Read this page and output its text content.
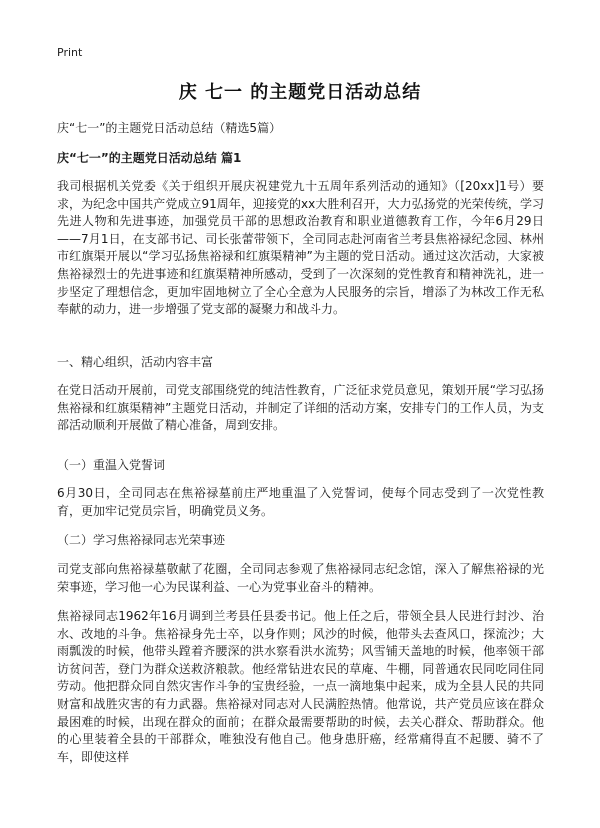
Print
庆 七一 的主题党日活动总结

庆“七一”的主题党日活动总结（精选5篇）

庆“七一”的主题党日活动总结 篇1

我司根据机关党委《关于组织开展庆祝建党九十五周年系列活动的通知》（[20xx]1号）要求，为纪念中国共产党成立91周年，迎接党的xx大胜利召开，大力弘扬党的光荣传统，学习先进人物和先进事迹，加强党员干部的思想政治教育和职业道德教育工作，今年6月29日——7月1日，在支部书记、司长张蕾带领下，全司同志赴河南省兰考县焦裕禄纪念园、林州市红旗渠开展以“学习弘扬焦裕禄和红旗渠精神”为主题的党日活动。通过这次活动，大家被焦裕禄烈士的先进事迹和红旗渠精神所感动，受到了一次深刻的党性教育和精神洗礼，进一步坚定了理想信念，更加牢固地树立了全心全意为人民服务的宗旨，增添了为林改工作无私奉献的动力，进一步增强了党支部的凝聚力和战斗力。

一、精心组织，活动内容丰富

在党日活动开展前，司党支部围绕党的纯洁性教育，广泛征求党员意见，策划开展“学习弘扬焦裕禄和红旗渠精神”主题党日活动，并制定了详细的活动方案，安排专门的工作人员，为支部活动顺利开展做了精心准备，周到安排。

（一）重温入党誓词

6月30日，全司同志在焦裕禄墓前庄严地重温了入党誓词，使每个同志受到了一次党性教育，更加牢记党员宗旨，明确党员义务。

（二）学习焦裕禄同志光荣事迹

司党支部向焦裕禄墓敬献了花圈，全司同志参观了焦裕禄同志纪念馆，深入了解焦裕禄的光荣事迹，学习他一心为民谋利益、一心为党事业奋斗的精神。

焦裕禄同志1962年16月调到兰考县任县委书记。他上任之后，带领全县人民进行封沙、治水、改地的斗争。焦裕禄身先士卒，以身作则；风沙的时候，他带头去查风口，探流沙；大雨瓢泼的时候，他带头蹚着齐腰深的洪水察看洪水流势；风雪铺天盖地的时候，他率领干部访贫问苦，登门为群众送救济粮款。他经常钻进农民的草庵、牛棚，同普通农民同吃同住同劳动。他把群众同自然灾害作斗争的宝贵经验，一点一滴地集中起来，成为全县人民的共同财富和战胜灾害的有力武器。焦裕禄对同志对人民满腔热情。他常说，共产党员应该在群众最困难的时候，出现在群众的面前；在群众最需要帮助的时候，去关心群众、帮助群众。他的心里装着全县的干部群众，唯独没有他自己。他身患肝癌，经常痛得直不起腰、骑不了车，即使这样
